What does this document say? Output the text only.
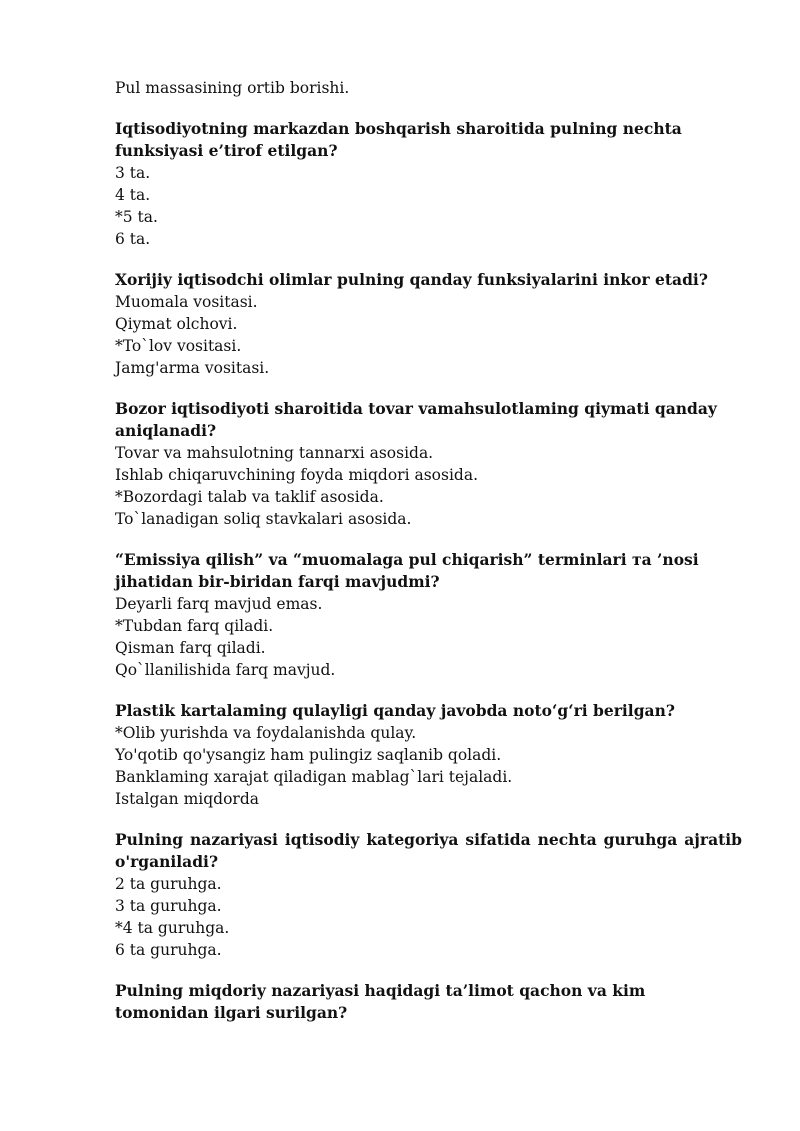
Pul massasining ortib borishi.

Iqtisodiyotning markazdan boshqarish sharoitida pulning nechta funksiyasi e’tirof etilgan?

3 ta.

4 ta.

*5 ta.

6 ta.

Xorijiy iqtisodchi olimlar pulning qanday funksiyalarini inkor etadi?

Muomala vositasi.

Qiymat olchovi.

*To`lov vositasi.

Jamg'arma vositasi.

Bozor iqtisodiyoti sharoitida tovar vamahsulotlaming qiymati qanday aniqlanadi?

Tovar va mahsulotning tannarxi asosida.

Ishlab chiqaruvchining foyda miqdori asosida.

*Bozordagi talab va taklif asosida.

To`lanadigan soliq stavkalari asosida.

“Emissiya qilish” va “muomalaga pul chiqarish” terminlari та ’nosi jihatidan bir-biridan farqi mavjudmi?

Deyarli farq mavjud emas.

*Tubdan farq qiladi.

Qisman farq qiladi.

Qo`llanilishida farq mavjud.

Plastik kartalaming qulayligi qanday javobda noto‘g‘ri berilgan?

*Olib yurishda va foydalanishda qulay.

Yo'qotib qo'ysangiz ham pulingiz saqlanib qoladi.

Banklaming xarajat qiladigan mablag`lari tejaladi.

Istalgan miqdorda

Pulning nazariyasi iqtisodiy kategoriya sifatida nechta guruhga ajratib o'rganiladi?

2 ta guruhga.

3 ta guruhga.

*4 ta guruhga.

6 ta guruhga.

Pulning miqdoriy nazariyasi haqidagi ta’limot qachon va kim tomonidan ilgari surilgan?
